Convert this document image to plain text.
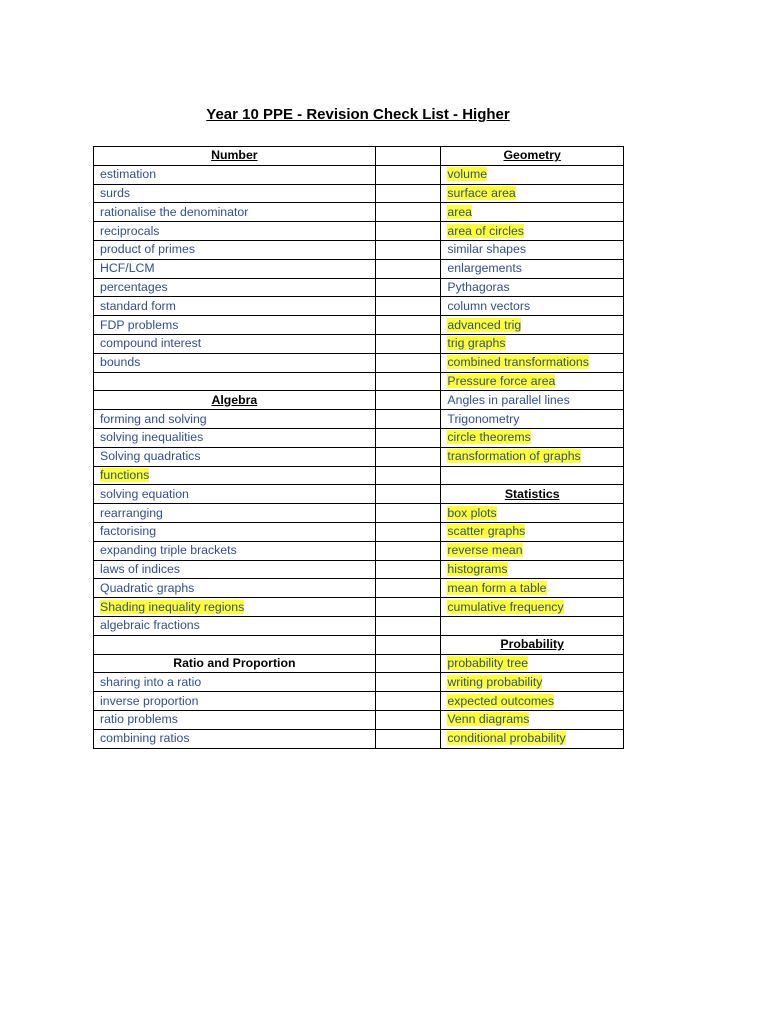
Year 10 PPE - Revision Check List - Higher
Number		Geometry
estimation		volume
surds		surface area
rationalise the denominator		area
reciprocals		area of circles
product of primes		similar shapes
HCF/LCM		enlargements
percentages		Pythagoras
standard form		column vectors
FDP problems		advanced trig
compound interest		trig graphs
bounds		combined transformations
		Pressure force area
Algebra		Angles in parallel lines
forming and solving		Trigonometry
solving inequalities		circle theorems
Solving quadratics		transformation of graphs
functions		
solving equation		Statistics
rearranging		box plots
factorising		scatter graphs
expanding triple brackets		reverse mean
laws of indices		histograms
Quadratic graphs		mean form a table
Shading inequality regions		cumulative frequency
algebraic fractions		
		Probability
Ratio and Proportion		probability tree
sharing into a ratio		writing probability
inverse proportion		expected outcomes
ratio problems		Venn diagrams
combining ratios		conditional probability
